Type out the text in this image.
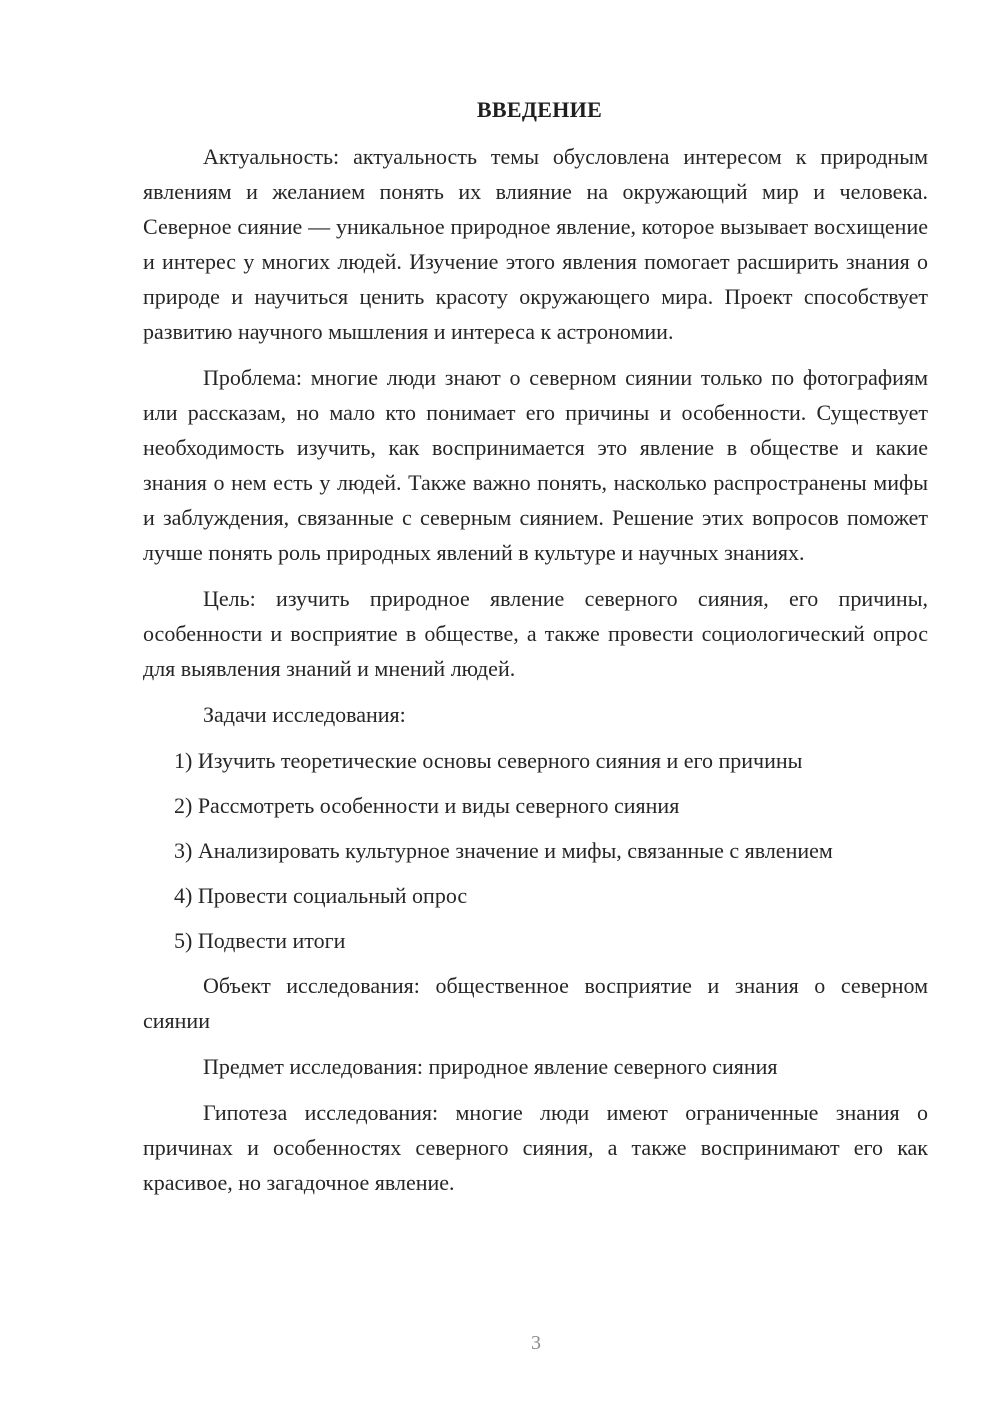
ВВЕДЕНИЕ

Актуальность: актуальность темы обусловлена интересом к природным явлениям и желанием понять их влияние на окружающий мир и человека. Северное сияние — уникальное природное явление, которое вызывает восхищение и интерес у многих людей. Изучение этого явления помогает расширить знания о природе и научиться ценить красоту окружающего мира. Проект способствует развитию научного мышления и интереса к астрономии.

Проблема: многие люди знают о северном сиянии только по фотографиям или рассказам, но мало кто понимает его причины и особенности. Существует необходимость изучить, как воспринимается это явление в обществе и какие знания о нем есть у людей. Также важно понять, насколько распространены мифы и заблуждения, связанные с северным сиянием. Решение этих вопросов поможет лучше понять роль природных явлений в культуре и научных знаниях.

Цель: изучить природное явление северного сияния, его причины, особенности и восприятие в обществе, а также провести социологический опрос для выявления знаний и мнений людей.

Задачи исследования:

1) Изучить теоретические основы северного сияния и его причины
2) Рассмотреть особенности и виды северного сияния
3) Анализировать культурное значение и мифы, связанные с явлением
4) Провести социальный опрос
5) Подвести итоги

Объект исследования: общественное восприятие и знания о северном сиянии

Предмет исследования: природное явление северного сияния

Гипотеза исследования: многие люди имеют ограниченные знания о причинах и особенностях северного сияния, а также воспринимают его как красивое, но загадочное явление.

3
